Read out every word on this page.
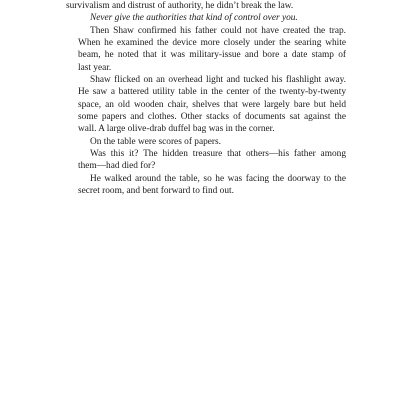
survivalism and distrust of authority, he didn’t break the law.
Never give the authorities that kind of control over you.
Then Shaw confirmed his father could not have created the trap.
When he examined the device more closely under the searing white
beam, he noted that it was military-issue and bore a date stamp of
last year.
Shaw flicked on an overhead light and tucked his flashlight away.
He saw a battered utility table in the center of the twenty-by-twenty
space, an old wooden chair, shelves that were largely bare but held
some papers and clothes. Other stacks of documents sat against the
wall. A large olive-drab duffel bag was in the corner.
On the table were scores of papers.
Was this it? The hidden treasure that others—his father among
them—had died for?
He walked around the table, so he was facing the doorway to the
secret room, and bent forward to find out.
